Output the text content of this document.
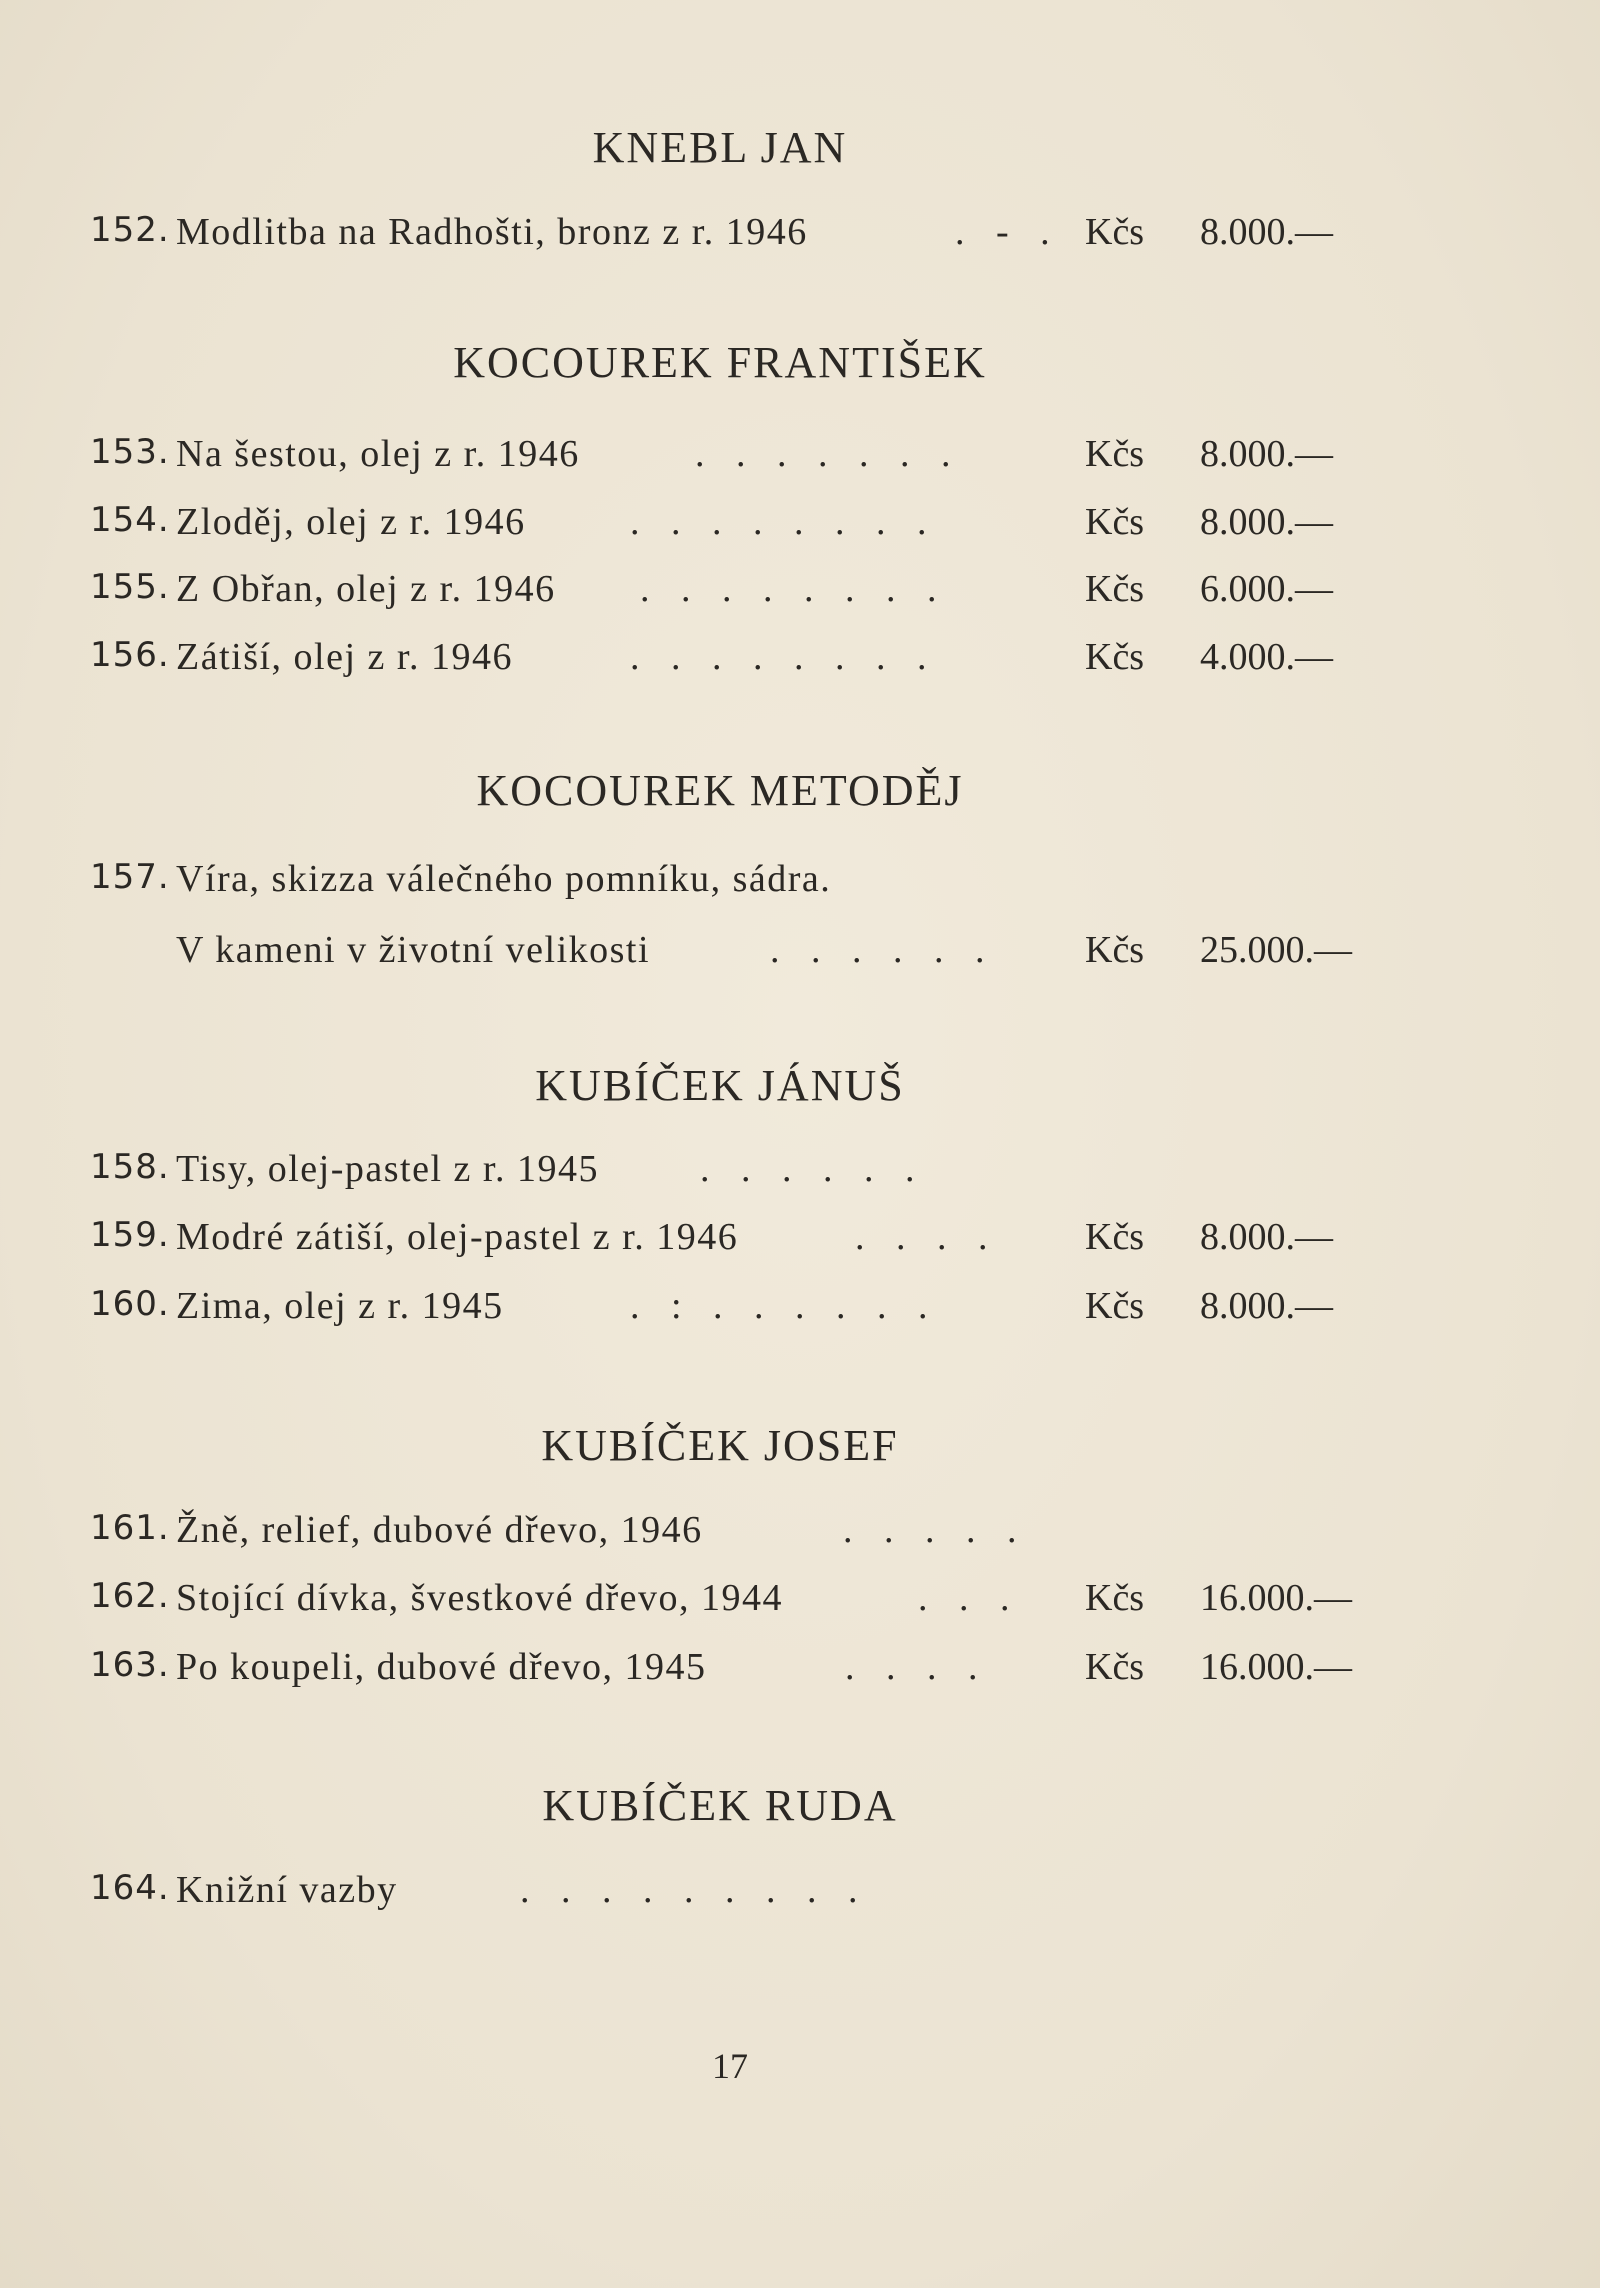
KNEBL JAN
152. Modlitba na Radhošti, bronz z r. 1946	. - . Kčs 8.000.—
KOCOUREK FRANTIŠEK
153. Na šestou, olej z r. 1946	. . . . . . .	Kčs 8.000.—
154. Zloděj, olej z r. 1946	. . . . . . . .	Kčs 8.000.—
155. Z Obřan, olej z r. 1946 . . . . . . . .	Kčs 6.000.—
156. Zátiší, olej z r. 1946	. . . . . . . .	Kčs 4.000.—
KOCOUREK METODĚJ
157. Víra, skizza válečného pomníku, sádra.
V kameni v životní velikosti	. . . . . . Kčs 25.000.—
KUBÍČEK JÁNUŠ
158. Tisy, olej-pastel z r. 1945	. . . . . .
159. Modré zátiší, olej-pastel z r. 1946	. . . . Kčs 8.000.—
160. Zima, olej z r. 1945	. : . . . . . .	Kčs 8.000.—
KUBÍČEK JOSEF
161. Žně, relief, dubové dřevo, 1946	. . . . .
162. Stojící dívka, švestkové dřevo, 1944	. . . Kčs 16.000.—
163. Po koupeli, dubové dřevo, 1945	. . . .	Kčs 16.000.—
KUBÍČEK RUDA
164. Knižní vazby	. . . . . . . . .
17
